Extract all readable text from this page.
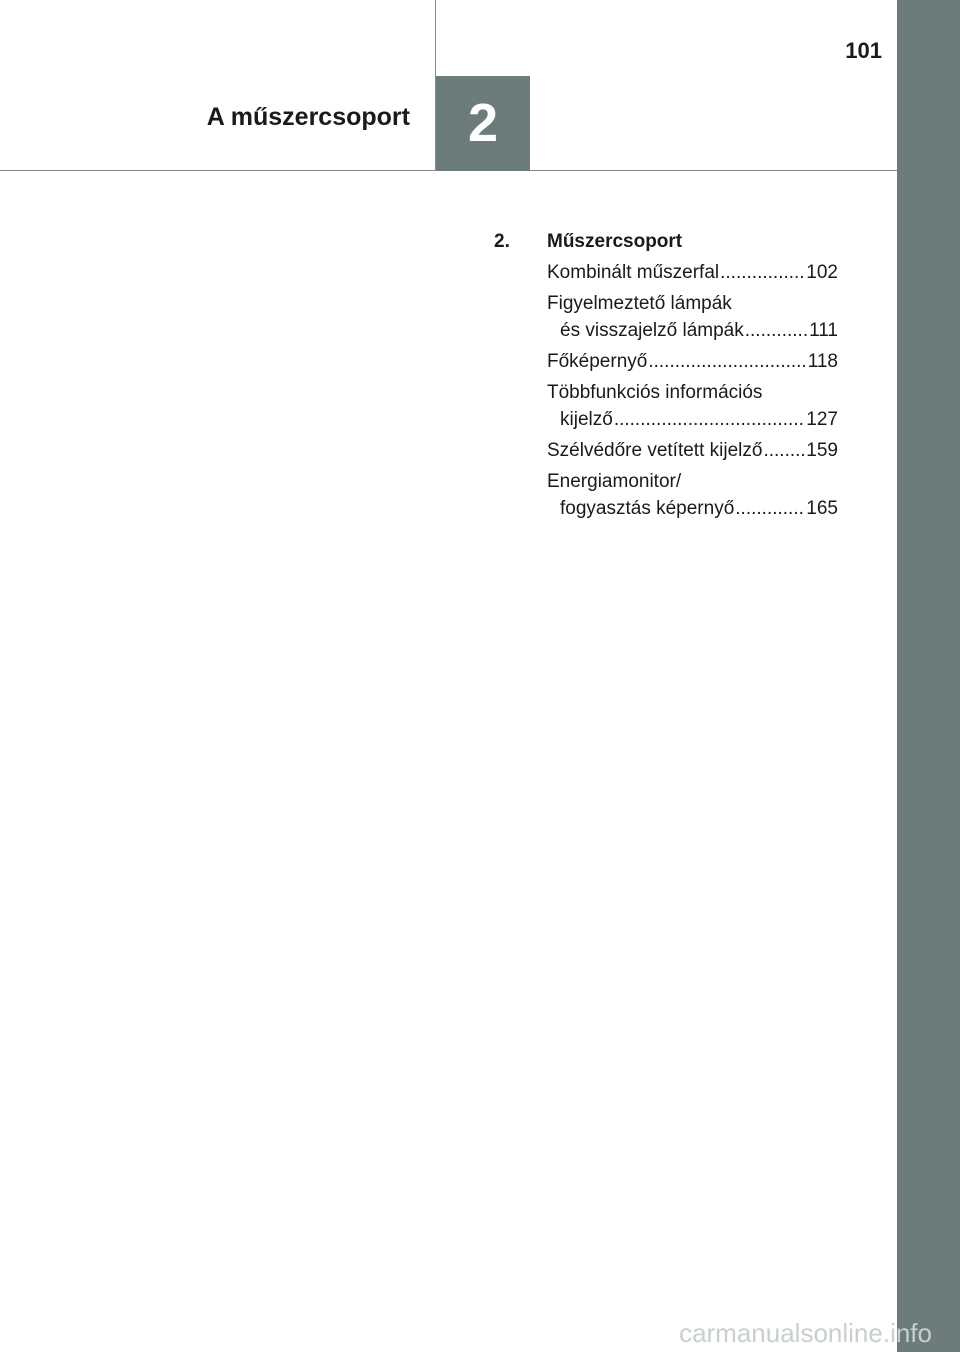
A műszercsoport	2
101
2.	Műszercsoport
Kombinált műszerfal .....	102
Figyelmeztető lámpák
és visszajelző lámpák .....	111
Főképernyő .....	118
Többfunkciós információs
kijelző .....	127
Szélvédőre vetített kijelző ..... 159
Energiamonitor/
fogyasztás képernyő .....	165
carmanualsonline.info
